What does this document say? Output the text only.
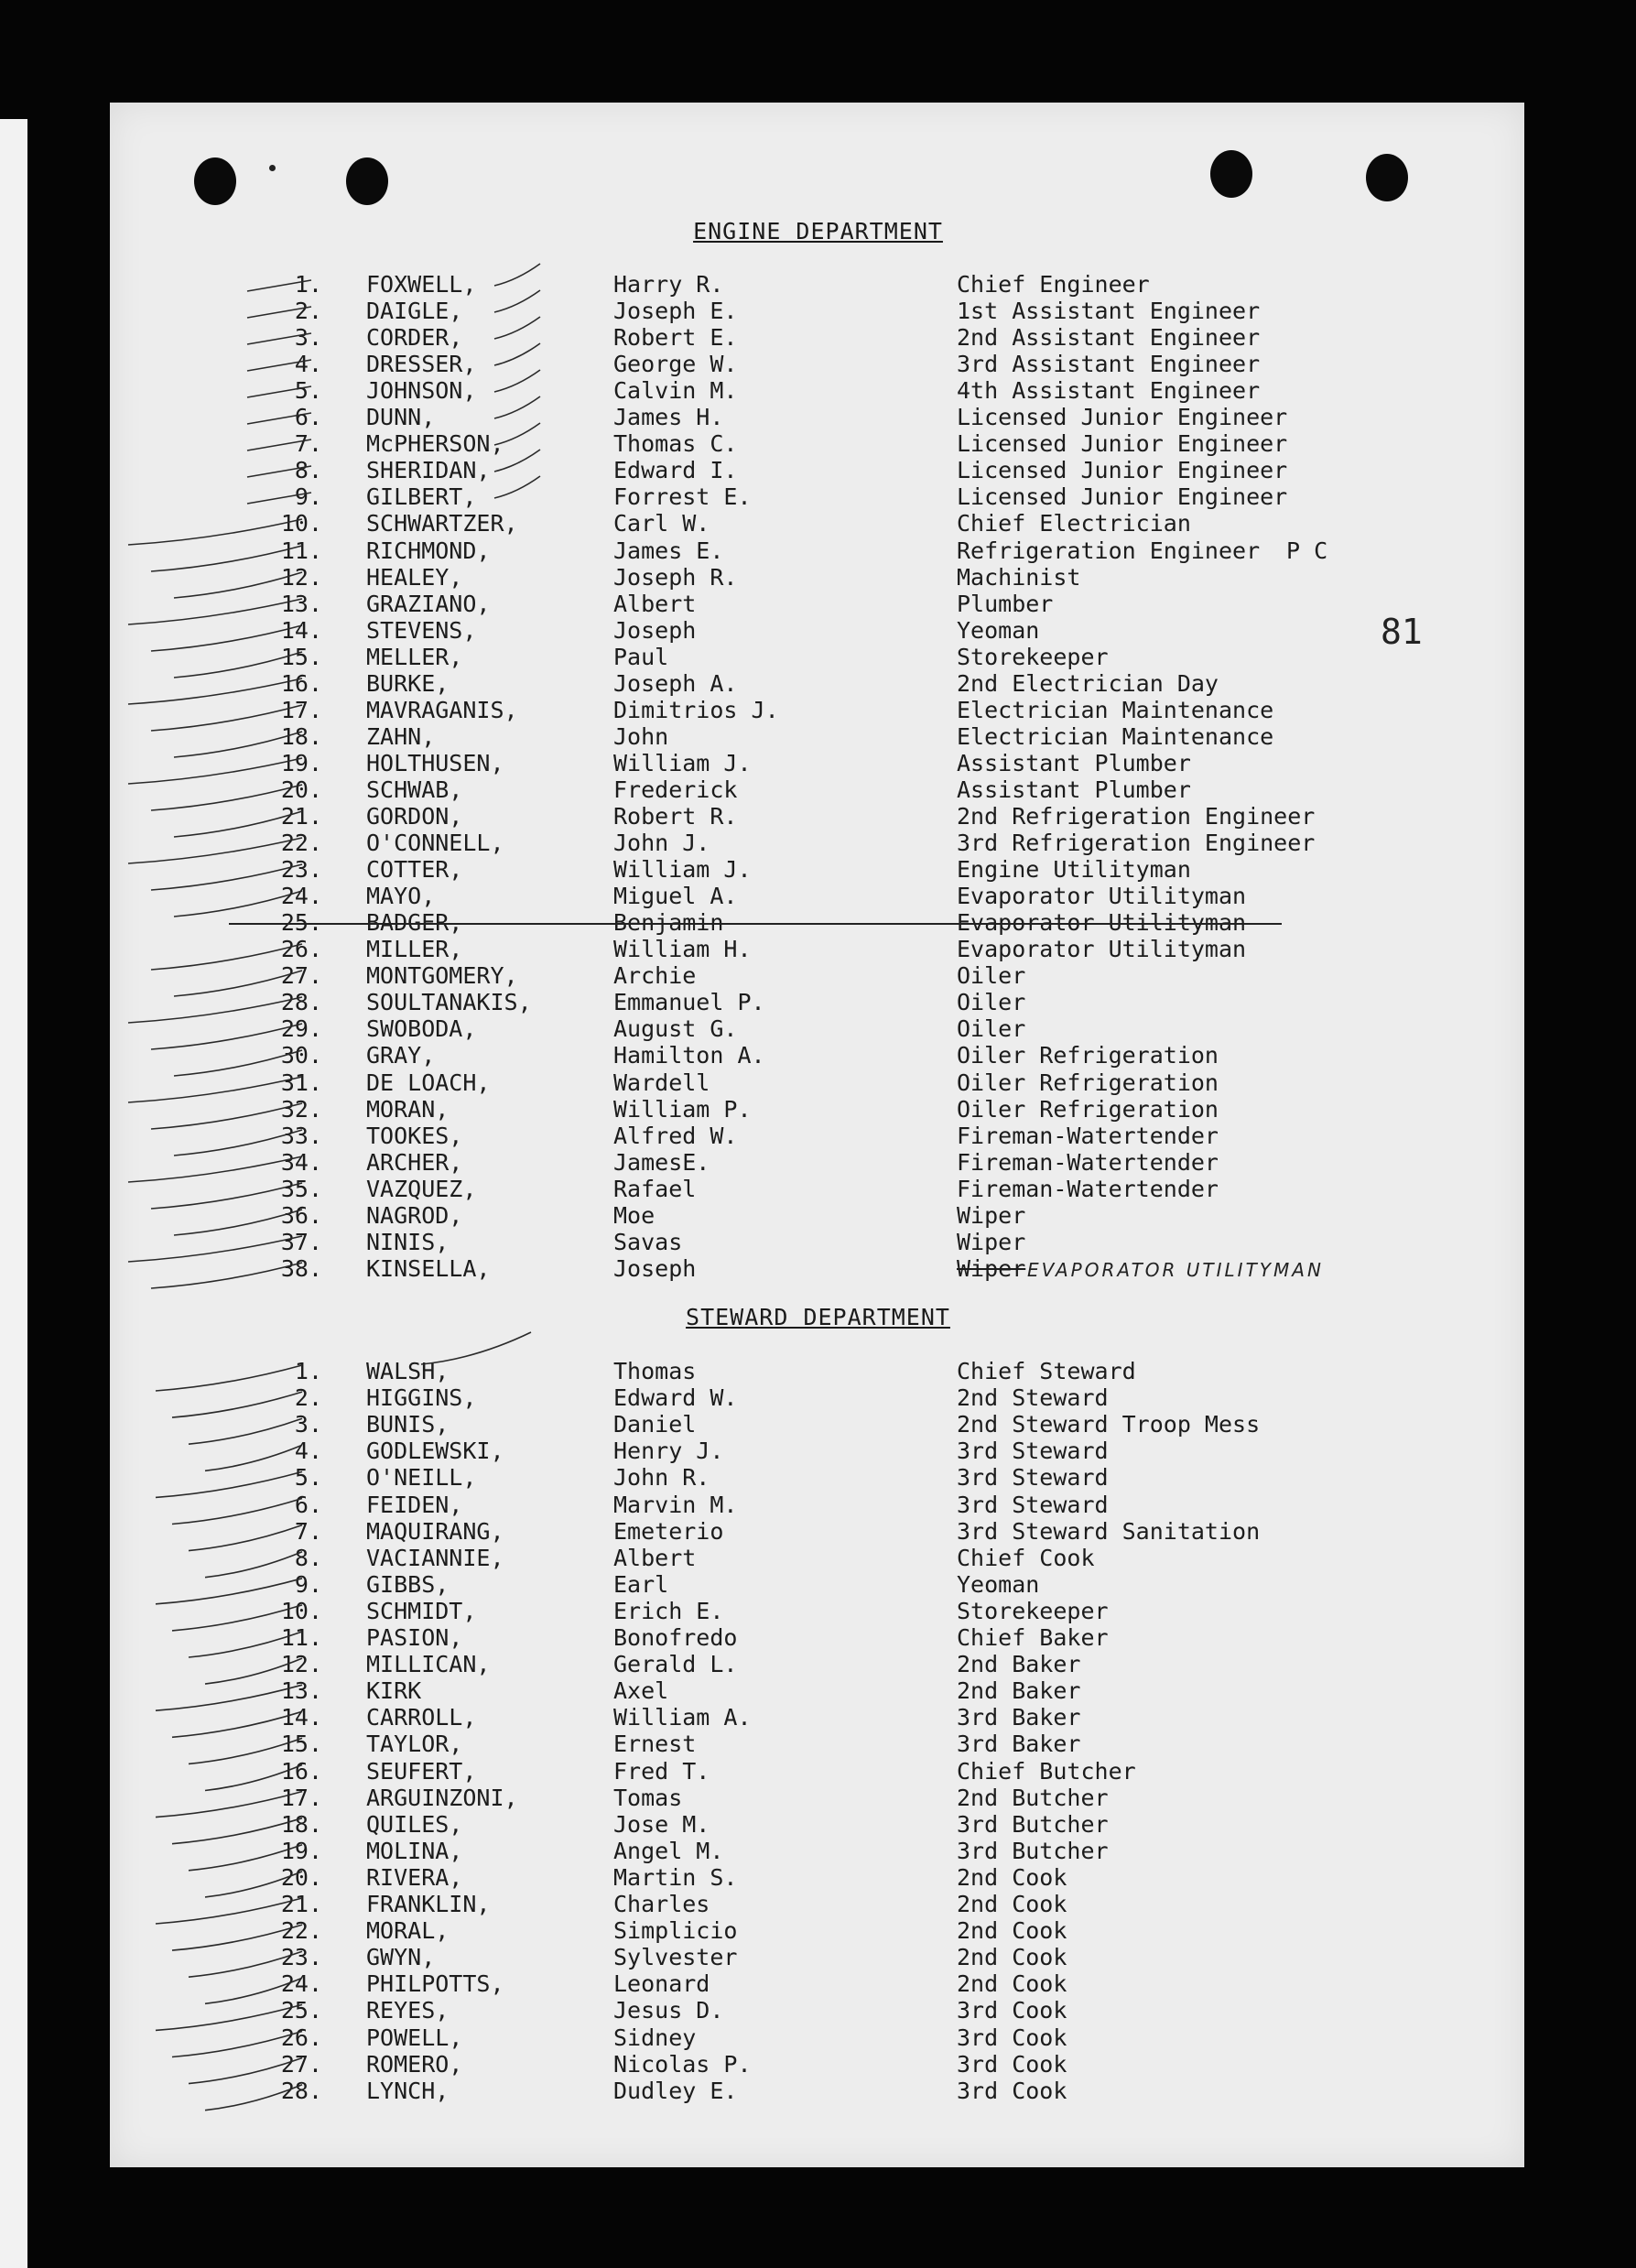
ENGINE DEPARTMENT
81
1. FOXWELL,	Harry R.	Chief Engineer
2. DAIGLE,	Joseph E.	1st Assistant Engineer
3. CORDER,	Robert E.	2nd Assistant Engineer
4. DRESSER,	George W.	3rd Assistant Engineer
5. JOHNSON,	Calvin M.	4th Assistant Engineer
6. DUNN,	James H.	Licensed Junior Engineer
7. McPHERSON,	Thomas C.	Licensed Junior Engineer
8. SHERIDAN,	Edward I.	Licensed Junior Engineer
9. GILBERT,	Forrest E.	Licensed Junior Engineer
10. SCHWARTZER,	Carl W.	Chief Electrician
11. RICHMOND,	James E.	Refrigeration Engineer P C
12. HEALEY,	Joseph R.	Machinist
13. GRAZIANO,	Albert	Plumber
14. STEVENS,	Joseph	Yeoman
15. MELLER,	Paul	Storekeeper
16. BURKE,	Joseph A.	2nd Electrician Day
17. MAVRAGANIS,	Dimitrios J.	Electrician Maintenance
18. ZAHN,	John	Electrician Maintenance
19. HOLTHUSEN,	William J.	Assistant Plumber
20. SCHWAB,	Frederick	Assistant Plumber
21. GORDON,	Robert R.	2nd Refrigeration Engineer
22. O'CONNELL,	John J.	3rd Refrigeration Engineer
23. COTTER,	William J.	Engine Utilityman
24. MAYO,	Miguel A.	Evaporator Utilityman
25. BADGER,	Benjamin	Evaporator Utilityman
26. MILLER,	William H.	Evaporator Utilityman
27. MONTGOMERY,	Archie	Oiler
28. SOULTANAKIS,	Emmanuel P.	Oiler
29. SWOBODA,	August G.	Oiler
30. GRAY,	Hamilton A.	Oiler Refrigeration
31. DE LOACH,	Wardell	Oiler Refrigeration
32. MORAN,	William P.	Oiler Refrigeration
33. TOOKES,	Alfred W.	Fireman-Watertender
34. ARCHER,	JamesE.	Fireman-Watertender
35. VAZQUEZ,	Rafael	Fireman-Watertender
36. NAGROD,	Moe	Wiper
37. NINIS,	Savas	Wiper
38. KINSELLA,	Joseph	Wiper EVAPORATOR UTILITYMAN
STEWARD DEPARTMENT
1. WALSH,	Thomas	Chief Steward
2. HIGGINS,	Edward W.	2nd Steward
3. BUNIS,	Daniel	2nd Steward Troop Mess
4. GODLEWSKI,	Henry J.	3rd Steward
5. O'NEILL,	John R.	3rd Steward
6. FEIDEN,	Marvin M.	3rd Steward
7. MAQUIRANG,	Emeterio	3rd Steward Sanitation
8. VACIANNIE,	Albert	Chief Cook
9. GIBBS,	Earl	Yeoman
10. SCHMIDT,	Erich E.	Storekeeper
11. PASION,	Bonofredo	Chief Baker
12. MILLICAN,	Gerald L.	2nd Baker
13. KIRK	Axel	2nd Baker
14. CARROLL,	William A.	3rd Baker
15. TAYLOR,	Ernest	3rd Baker
16. SEUFERT,	Fred T.	Chief Butcher
17. ARGUINZONI,	Tomas	2nd Butcher
18. QUILES,	Jose M.	3rd Butcher
19. MOLINA,	Angel M.	3rd Butcher
20. RIVERA,	Martin S.	2nd Cook
21. FRANKLIN,	Charles	2nd Cook
22. MORAL,	Simplicio	2nd Cook
23. GWYN,	Sylvester	2nd Cook
24. PHILPOTTS,	Leonard	2nd Cook
25. REYES,	Jesus D.	3rd Cook
26. POWELL,	Sidney	3rd Cook
27. ROMERO,	Nicolas P.	3rd Cook
28. LYNCH,	Dudley E.	3rd Cook
